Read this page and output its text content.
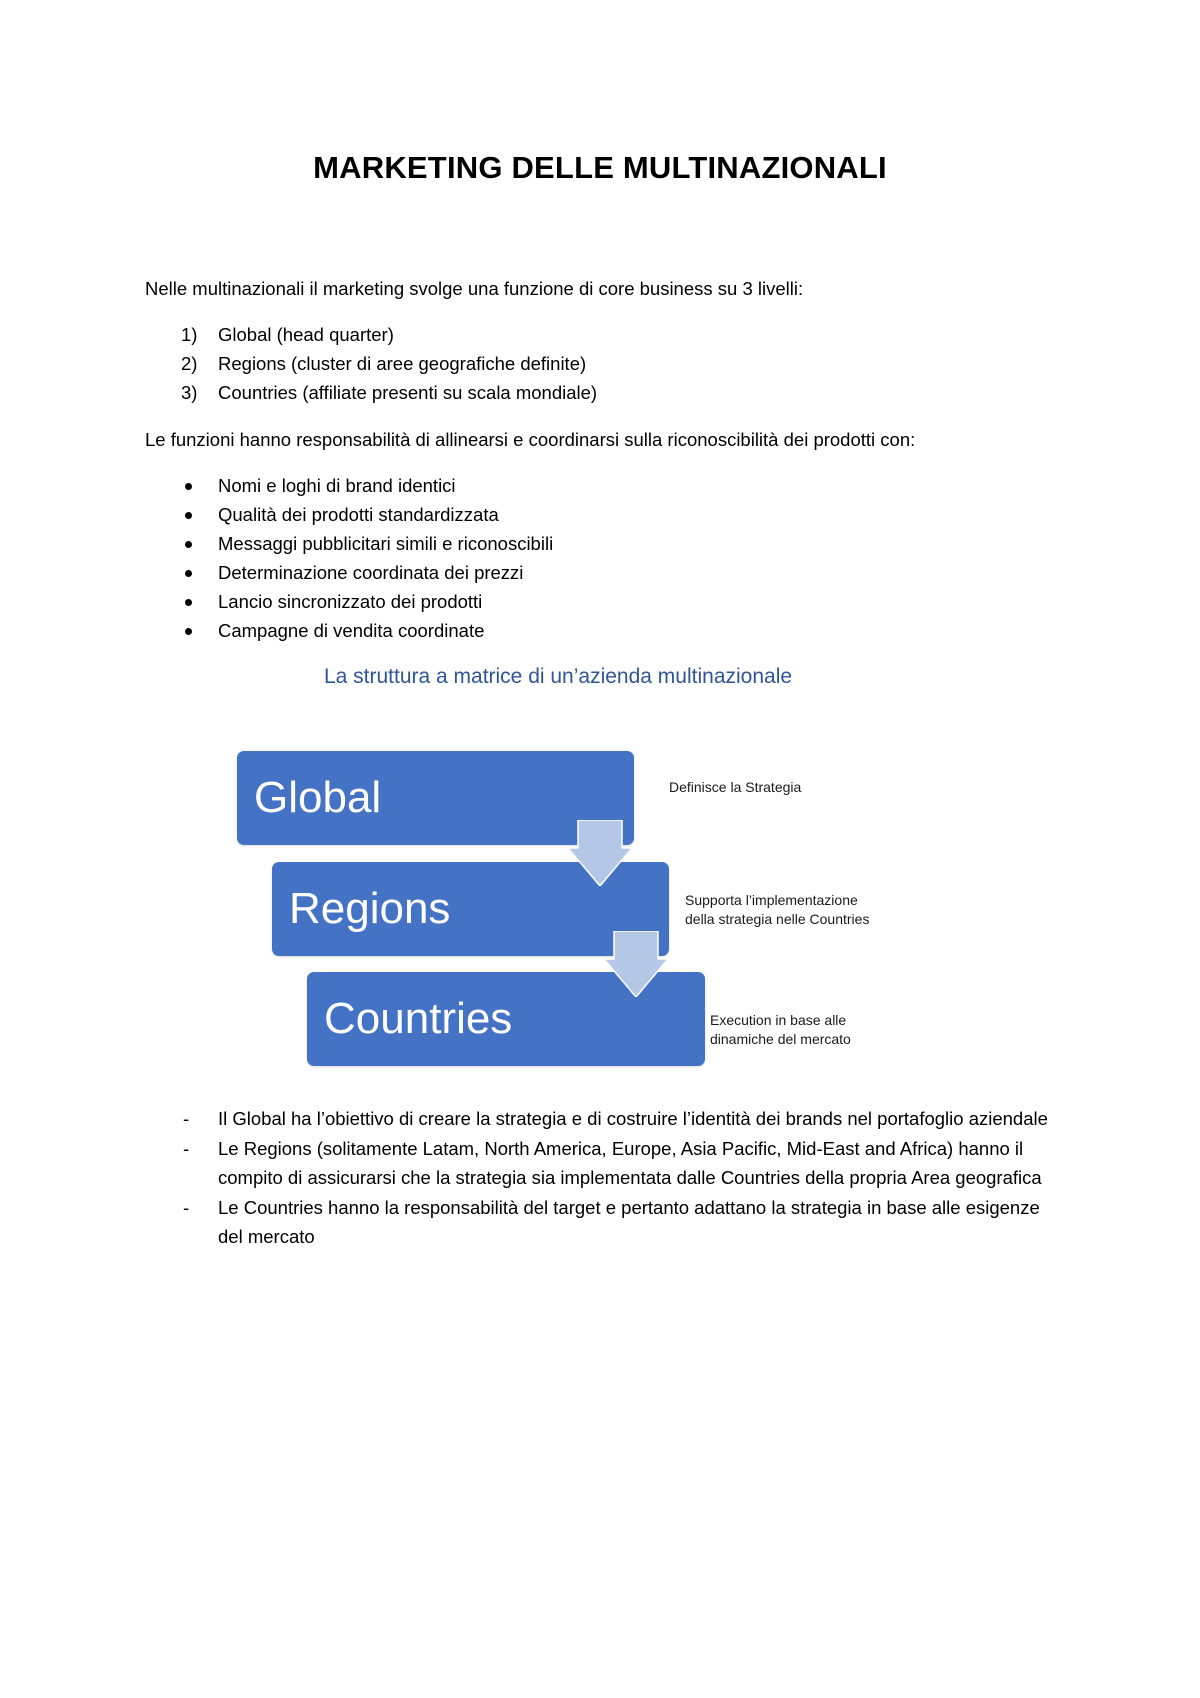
MARKETING DELLE MULTINAZIONALI
Nelle multinazionali il marketing svolge una funzione di core business su 3 livelli:
1) Global (head quarter)
2) Regions (cluster di aree geografiche definite)
3) Countries (affiliate presenti su scala mondiale)
Le funzioni hanno responsabilità di allinearsi e coordinarsi sulla riconoscibilità dei prodotti con:
Nomi e loghi di brand identici
Qualità dei prodotti standardizzata
Messaggi pubblicitari simili e riconoscibili
Determinazione coordinata dei prezzi
Lancio sincronizzato dei prodotti
Campagne di vendita coordinate
La struttura a matrice di un’azienda multinazionale
Global
Regions
Countries
Definisce la Strategia
Supporta l’implementazione
della strategia nelle Countries
Execution in base alle
dinamiche del mercato
- Il Global ha l’obiettivo di creare la strategia e di costruire l’identità dei brands nel portafoglio aziendale
- Le Regions (solitamente Latam, North America, Europe, Asia Pacific, Mid-East and Africa) hanno il compito di assicurarsi che la strategia sia implementata dalle Countries della propria Area geografica
- Le Countries hanno la responsabilità del target e pertanto adattano la strategia in base alle esigenze del mercato
